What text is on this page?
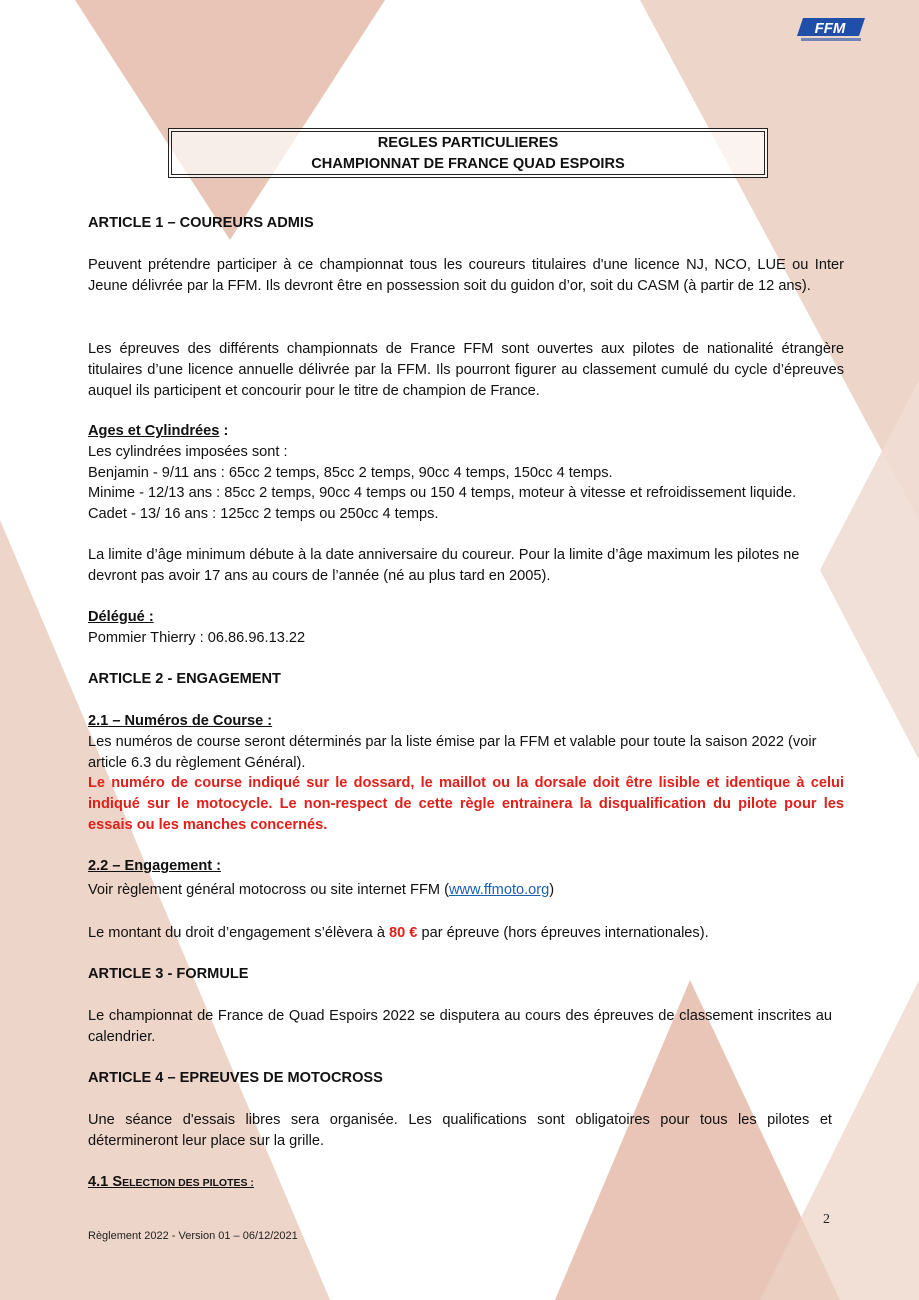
FFM
REGLES PARTICULIERES
CHAMPIONNAT DE FRANCE QUAD ESPOIRS
ARTICLE 1 – COUREURS ADMIS

Peuvent prétendre participer à ce championnat tous les coureurs titulaires d'une licence NJ, NCO, LUE ou Inter Jeune délivrée par la FFM. Ils devront être en possession soit du guidon d’or, soit du CASM (à partir de 12 ans).

Les épreuves des différents championnats de France FFM sont ouvertes aux pilotes de nationalité étrangère titulaires d’une licence annuelle délivrée par la FFM. Ils pourront figurer au classement cumulé du cycle d’épreuves auquel ils participent et concourir pour le titre de champion de France.

Ages et Cylindrées :
Les cylindrées imposées sont :
Benjamin - 9/11 ans : 65cc 2 temps, 85cc 2 temps, 90cc 4 temps, 150cc 4 temps.
Minime - 12/13 ans : 85cc 2 temps, 90cc 4 temps ou 150 4 temps, moteur à vitesse et refroidissement liquide.
Cadet - 13/ 16 ans : 125cc 2 temps ou 250cc 4 temps.

La limite d’âge minimum débute à la date anniversaire du coureur. Pour la limite d’âge maximum les pilotes ne devront pas avoir 17 ans au cours de l’année (né au plus tard en 2005).

Délégué :
Pommier Thierry : 06.86.96.13.22
ARTICLE 2 - ENGAGEMENT
2.1 – Numéros de Course :

Les numéros de course seront déterminés par la liste émise par la FFM et valable pour toute la saison 2022 (voir article 6.3 du règlement Général).

Le numéro de course indiqué sur le dossard, le maillot ou la dorsale doit être lisible et identique à celui indiqué sur le motocycle. Le non-respect de cette règle entrainera la disqualification du pilote pour les essais ou les manches concernés.

2.2 – Engagement :

Voir règlement général motocross ou site internet FFM (www.ffmoto.org)

Le montant du droit d’engagement s’élèvera à 80 € par épreuve (hors épreuves internationales).

ARTICLE 3 - FORMULE

Le championnat de France de Quad Espoirs 2022 se disputera au cours des épreuves de classement inscrites au calendrier.

ARTICLE 4 – EPREUVES DE MOTOCROSS

Une séance d'essais libres sera organisée. Les qualifications sont obligatoires pour tous les pilotes et détermineront leur place sur la grille.

4.1 SELECTION DES PILOTES :
2
Règlement 2022 - Version 01 – 06/12/2021
